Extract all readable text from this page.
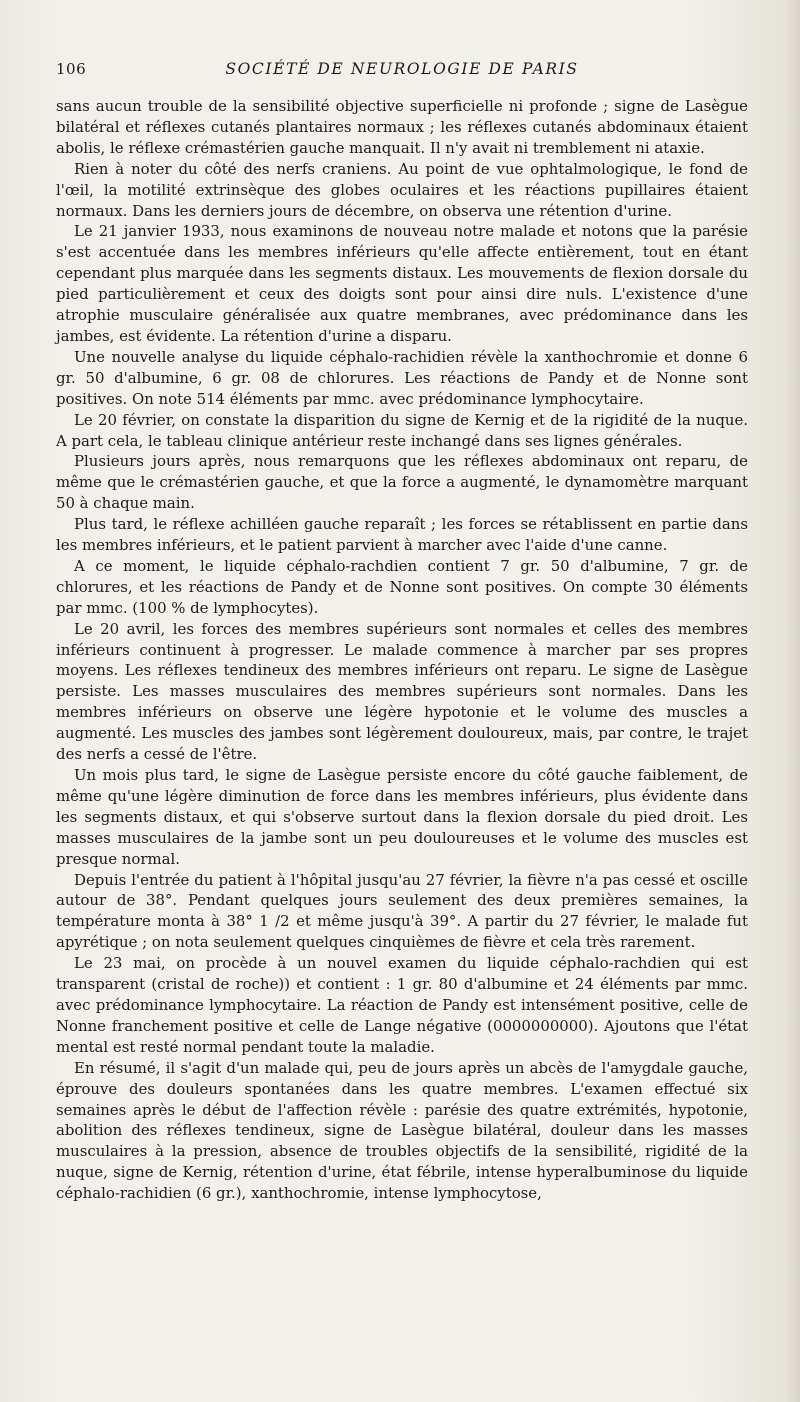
106	SOCIÉTÉ DE NEUROLOGIE DE PARIS

sans aucun trouble de la sensibilité objective superficielle ni profonde ; signe de Lasègue bilatéral et réflexes cutanés plantaires normaux ; les réflexes cutanés abdominaux étaient abolis, le réflexe crémastérien gauche manquait. Il n'y avait ni tremblement ni ataxie.

Rien à noter du côté des nerfs craniens. Au point de vue ophtalmologique, le fond de l'œil, la motilité extrinsèque des globes oculaires et les réactions pupillaires étaient normaux. Dans les derniers jours de décembre, on observa une rétention d'urine.

Le 21 janvier 1933, nous examinons de nouveau notre malade et notons que la parésie s'est accentuée dans les membres inférieurs qu'elle affecte entièrement, tout en étant cependant plus marquée dans les segments distaux. Les mouvements de flexion dorsale du pied particulièrement et ceux des doigts sont pour ainsi dire nuls. L'existence d'une atrophie musculaire généralisée aux quatre membranes, avec prédominance dans les jambes, est évidente. La rétention d'urine a disparu.

Une nouvelle analyse du liquide céphalo-rachidien révèle la xanthochromie et donne 6 gr. 50 d'albumine, 6 gr. 08 de chlorures. Les réactions de Pandy et de Nonne sont positives. On note 514 éléments par mmc. avec prédominance lymphocytaire.

Le 20 février, on constate la disparition du signe de Kernig et de la rigidité de la nuque. A part cela, le tableau clinique antérieur reste inchangé dans ses lignes générales.

Plusieurs jours après, nous remarquons que les réflexes abdominaux ont reparu, de même que le crémastérien gauche, et que la force a augmenté, le dynamomètre marquant 50 à chaque main.

Plus tard, le réflexe achilléen gauche reparaît ; les forces se rétablissent en partie dans les membres inférieurs, et le patient parvient à marcher avec l'aide d'une canne.

A ce moment, le liquide céphalo-rachdien contient 7 gr. 50 d'albumine, 7 gr. de chlorures, et les réactions de Pandy et de Nonne sont positives. On compte 30 éléments par mmc. (100 % de lymphocytes).

Le 20 avril, les forces des membres supérieurs sont normales et celles des membres inférieurs continuent à progresser. Le malade commence à marcher par ses propres moyens. Les réflexes tendineux des membres inférieurs ont reparu. Le signe de Lasègue persiste. Les masses musculaires des membres supérieurs sont normales. Dans les membres inférieurs on observe une légère hypotonie et le volume des muscles a augmenté. Les muscles des jambes sont légèrement douloureux, mais, par contre, le trajet des nerfs a cessé de l'être.

Un mois plus tard, le signe de Lasègue persiste encore du côté gauche faiblement, de même qu'une légère diminution de force dans les membres inférieurs, plus évidente dans les segments distaux, et qui s'observe surtout dans la flexion dorsale du pied droit. Les masses musculaires de la jambe sont un peu douloureuses et le volume des muscles est presque normal.

Depuis l'entrée du patient à l'hôpital jusqu'au 27 février, la fièvre n'a pas cessé et oscille autour de 38°. Pendant quelques jours seulement des deux premières semaines, la température monta à 38° 1 /2 et même jusqu'à 39°. A partir du 27 février, le malade fut apyrétique ; on nota seulement quelques cinquièmes de fièvre et cela très rarement.

Le 23 mai, on procède à un nouvel examen du liquide céphalo-rachdien qui est transparent (cristal de roche)) et contient : 1 gr. 80 d'albumine et 24 éléments par mmc. avec prédominance lymphocytaire. La réaction de Pandy est intensément positive, celle de Nonne franchement positive et celle de Lange négative (0000000000). Ajoutons que l'état mental est resté normal pendant toute la maladie.

En résumé, il s'agit d'un malade qui, peu de jours après un abcès de l'amygdale gauche, éprouve des douleurs spontanées dans les quatre membres. L'examen effectué six semaines après le début de l'affection révèle : parésie des quatre extrémités, hypotonie, abolition des réflexes tendineux, signe de Lasègue bilatéral, douleur dans les masses musculaires à la pression, absence de troubles objectifs de la sensibilité, rigidité de la nuque, signe de Kernig, rétention d'urine, état fébrile, intense hyperalbuminose du liquide céphalo-rachidien (6 gr.), xanthochromie, intense lymphocytose,
